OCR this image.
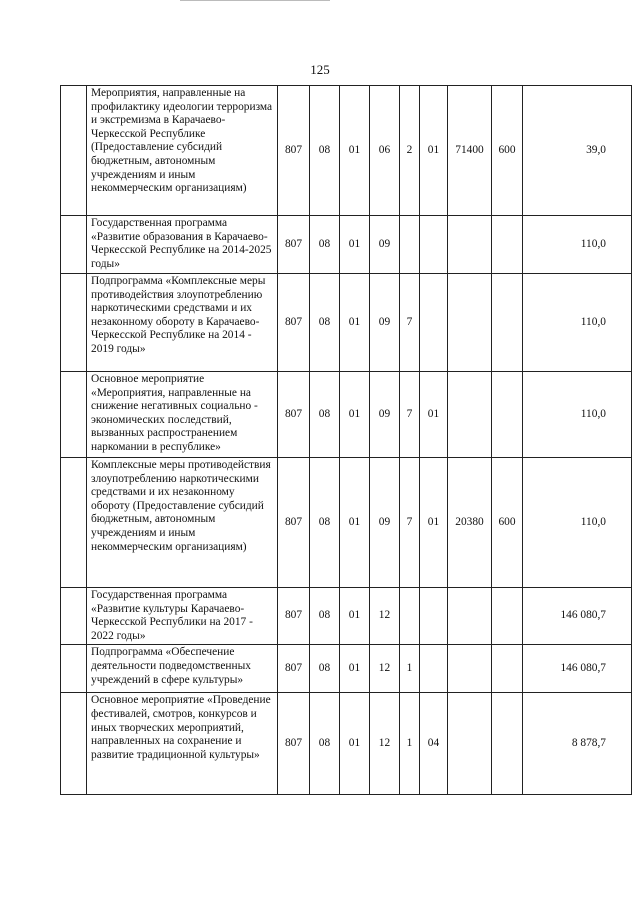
125
	Мероприятия, направленные на профилактику идеологии терроризма и экстремизма в Карачаево-Черкесской Республике (Предоставление субсидий бюджетным, автономным учреждениям и иным некоммерческим организациям)	807	08	01	06	2	01	71400	600	39,0
	Государственная программа «Развитие образования в Карачаево-Черкесской Республике на 2014-2025 годы»	807	08	01	09					110,0
	Подпрограмма «Комплексные меры противодействия злоупотреблению наркотическими средствами и их незаконному обороту в Карачаево-Черкесской Республике на 2014 - 2019 годы»	807	08	01	09	7				110,0
	Основное мероприятие «Мероприятия, направленные на снижение негативных социально - экономических последствий, вызванных распространением наркомании в республике»	807	08	01	09	7	01			110,0
	Комплексные меры противодействия злоупотреблению наркотическими средствами и их незаконному обороту (Предоставление субсидий бюджетным, автономным учреждениям и иным некоммерческим организациям)	807	08	01	09	7	01	20380	600	110,0
	Государственная программа «Развитие культуры Карачаево-Черкесской Республики на 2017 - 2022 годы»	807	08	01	12					146 080,7
	Подпрограмма «Обеспечение деятельности подведомственных учреждений в сфере культуры»	807	08	01	12	1				146 080,7
	Основное мероприятие «Проведение фестивалей, смотров, конкурсов и иных творческих мероприятий, направленных на сохранение и развитие традиционной культуры»	807	08	01	12	1	04			8 878,7
